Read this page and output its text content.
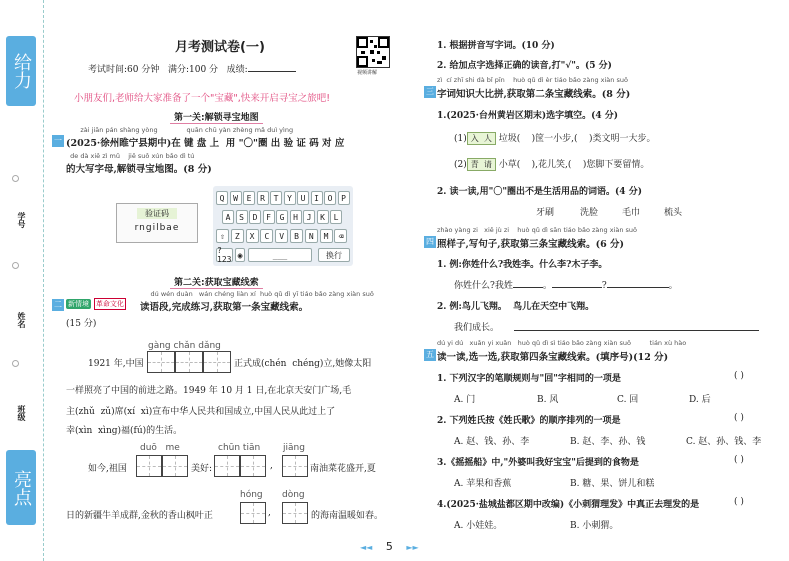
给力
学号
姓名
班级
亮点
月考测试卷(一)
考试时间:60 分钟 满分:100 分 成绩:	视频讲解
小朋友们,老师给大家准备了一个"宝藏",快来开启寻宝之旅吧!
第一关:解锁寻宝地图
zài jiān pán shàng yòng              quān chū yàn zhèng mǎ duì yìng
一 (2025·徐州睢宁县期中)在 键 盘 上  用 "〇"圈 出 验 证 码 对 应
de dà xiě zì mǔ    jiě suǒ xún bǎo dì tú
的大写字母,解锁寻宝地图。(8 分)
验证码
rngilbae
Q	W	E	R	T	Y	U	I	O	P
A	S	D	F	G	H	J	K	L
⇧	Z	X	C	V	B	N	M	⌫
?123 ◉	___	换行
第二关:获取宝藏线索
dú wén duàn   wán chéng liàn xí  huò qǔ dì yī tiáo bǎo zàng xiàn suǒ
二 新情境 革命文化 读语段,完成练习,获取第一条宝藏线索。
(15 分)
gàng chǎn dǎng
1921 年,中国	正式成(chén  chéng)立,她像太阳
一样照亮了中国的前进之路。1949 年 10 月 1 日,在北京天安门广场,毛
主(zhǔ  zǔ)席(xí  xì)宣布中华人民共和国成立,中国人民从此过上了
幸(xìn  xìng)福(fú)的生活。
duō   me	chūn tiān	jiāng
如今,祖国	美好:	,	南油菜花盛开,夏
hóng dòng
日的新疆牛羊成群,金秋的香山枫叶正	,	的海南温暖如春。
1. 根据拼音写字词。(10 分)
2. 给加点字选择正确的读音,打"√"。(5 分)
zì  cí zhī shi dà bǐ pīn    huò qǔ dì èr tiáo bǎo zàng xiàn suǒ
三 字词知识大比拼,获取第二条宝藏线索。(8 分)
1.(2025·台州黄岩区期末)选字填空。(4 分)
(1) 入  人 垃圾(    )筐一小步,(    )类文明一大步。
(2) 青  请 小草(    ),花儿笑,(    )您脚下要留情。
2. 读一读,用"〇"圈出不是生活用品的词语。(4 分)
牙刷	洗脸	毛巾	梳头
zhào yàng zi   xiě jù zi    huò qǔ dì sān tiáo bǎo zàng xiàn suǒ
四 照样子,写句子,获取第三条宝藏线索。(6 分)
1. 例:你姓什么?我姓李。什么李?木子李。
你姓什么?我姓	。	?	。
2. 例:鸟儿飞翔。  鸟儿在天空中飞翔。
我们成长。
dú yi dú   xuǎn yi xuǎn   huò qǔ dì sì tiáo bǎo zàng xiàn suǒ         tián xù hào
五 读一读,选一选,获取第四条宝藏线索。(填序号)(12 分)
1. 下列汉字的笔顺规则与"回"字相同的一项是	( )
A. 门	B. 风	C. 回	D. 后
2. 下列姓氏按《姓氏歌》的顺序排列的一项是	( )
A. 赵、钱、孙、李	B. 赵、李、孙、钱	C. 赵、孙、钱、李
3.《摇摇船》中,"外婆叫我好宝宝"后提到的食物是	( )
A. 苹果和香蕉	B. 糖、果、饼儿和糕
4.(2025·盐城盐都区期中改编)《小刺猬理发》中真正去理发的是	( )
A. 小娃娃。	B. 小刺猬。
◄◄ 5 ►►
